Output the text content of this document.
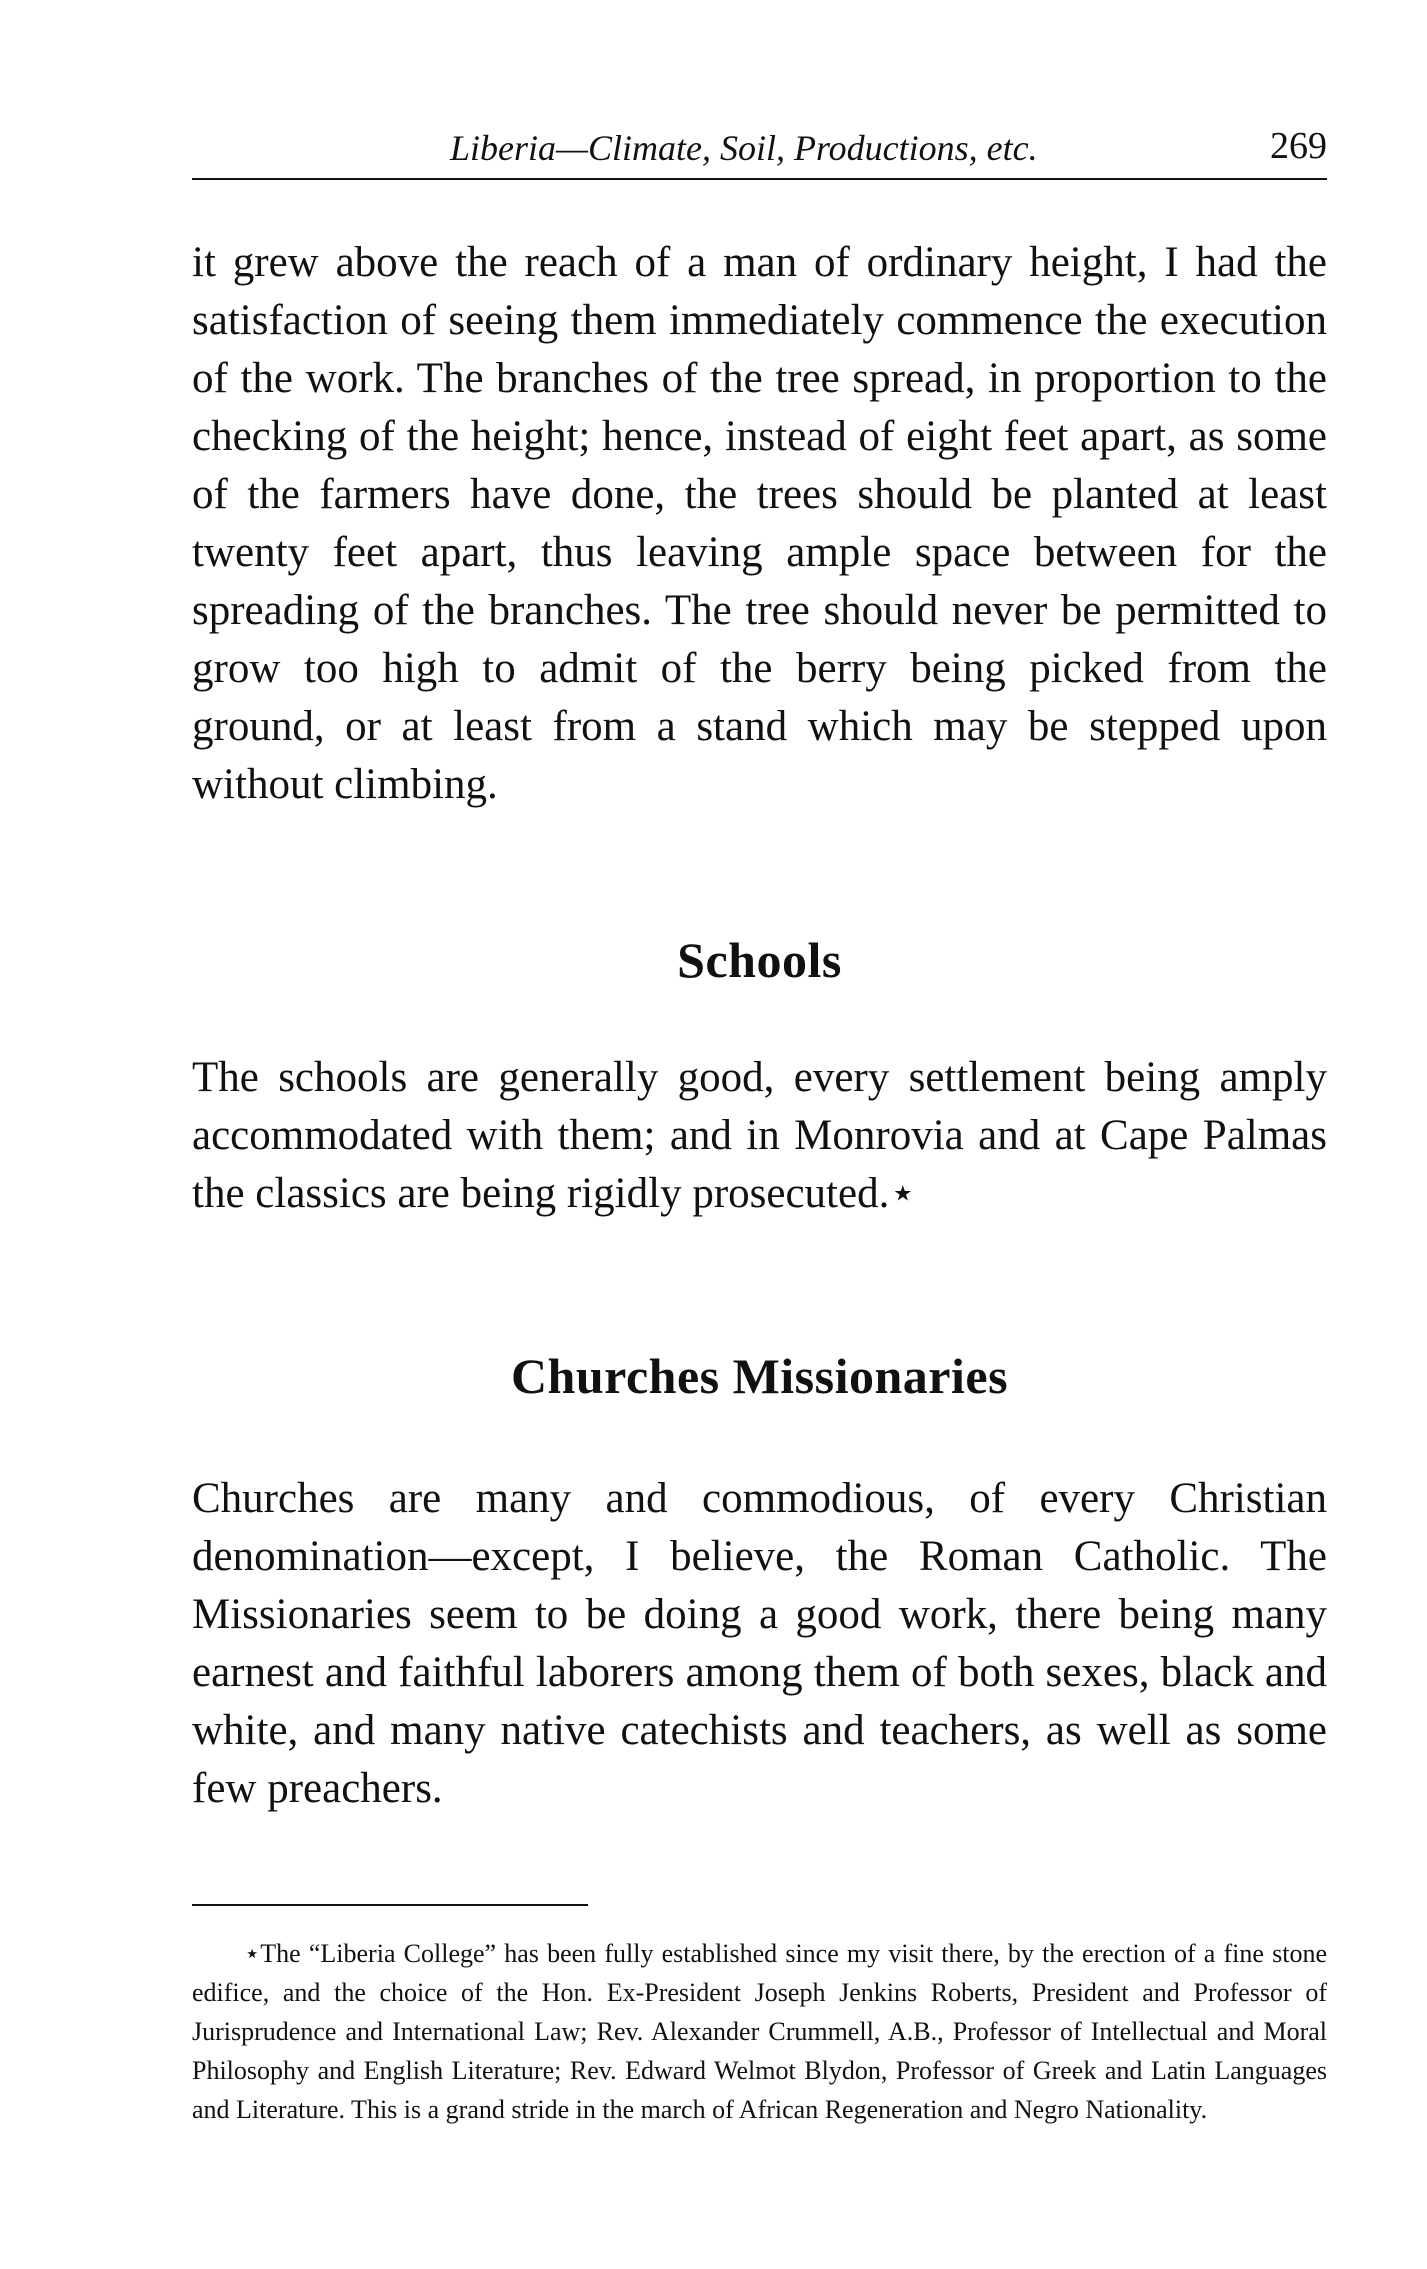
Liberia—Climate, Soil, Productions, etc.	269

it grew above the reach of a man of ordinary height, I had the satisfaction of seeing them immediately commence the execution of the work. The branches of the tree spread, in proportion to the checking of the height; hence, instead of eight feet apart, as some of the farmers have done, the trees should be planted at least twenty feet apart, thus leaving ample space between for the spreading of the branches. The tree should never be permitted to grow too high to admit of the berry being picked from the ground, or at least from a stand which may be stepped upon without climbing.

Schools

The schools are generally good, every settlement being amply accommodated with them; and in Monrovia and at Cape Palmas the classics are being rigidly prosecuted.⋆

Churches Missionaries

Churches are many and commodious, of every Christian denomination—except, I believe, the Roman Catholic. The Missionaries seem to be doing a good work, there being many earnest and faithful laborers among them of both sexes, black and white, and many native catechists and teachers, as well as some few preachers.

⋆The “Liberia College” has been fully established since my visit there, by the erection of a fine stone edifice, and the choice of the Hon. Ex-President Joseph Jenkins Roberts, President and Professor of Jurisprudence and International Law; Rev. Alexander Crummell, A.B., Professor of Intellectual and Moral Philosophy and English Literature; Rev. Edward Welmot Blydon, Professor of Greek and Latin Languages and Literature. This is a grand stride in the march of African Regeneration and Negro Nationality.
